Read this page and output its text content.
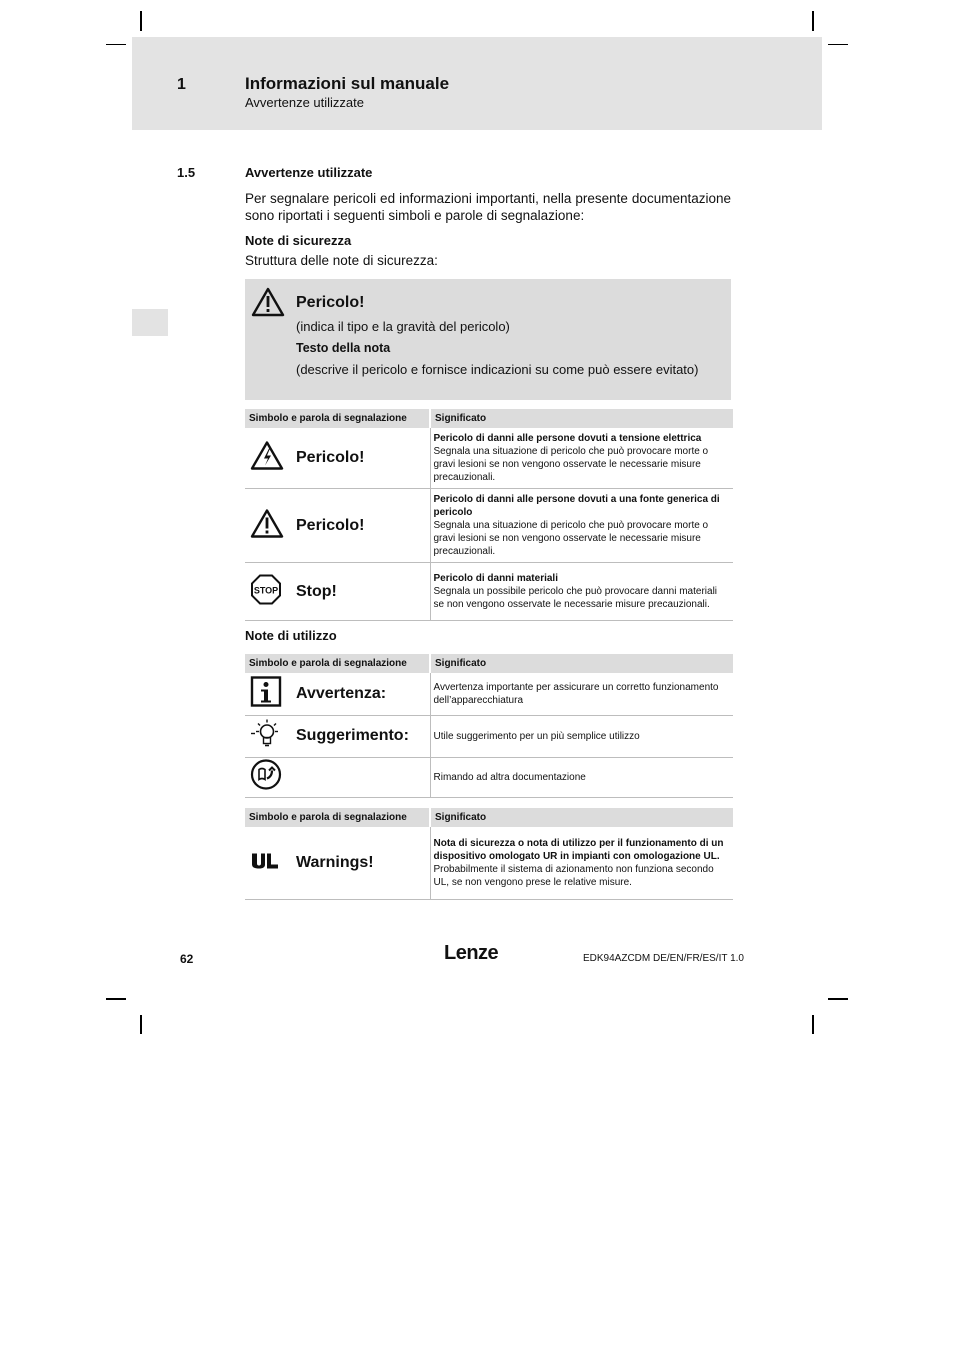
1	Informazioni sul manuale
Avvertenze utilizzate
1.5	Avvertenze utilizzate
Per segnalare pericoli ed informazioni importanti, nella presente documentazione sono riportati i seguenti simboli e parole di segnalazione:
Note di sicurezza
Struttura delle note di sicurezza:
Pericolo!
(indica il tipo e la gravità del pericolo)
Testo della nota
(descrive il pericolo e fornisce indicazioni su come può essere evitato)
Simbolo e parola di segnalazione	Significato

Pericolo!	Pericolo di danni alle persone dovuti a tensione elettrica
Segnala una situazione di pericolo che può provocare morte o gravi lesioni se non vengono osservate le necessarie misure precauzionali.

Pericolo!	Pericolo di danni alle persone dovuti a una fonte generica di pericolo
Segnala una situazione di pericolo che può provocare morte o gravi lesioni se non vengono osservate le necessarie misure precauzionali.

STOP Stop!	Pericolo di danni materiali
Segnala un possibile pericolo che può provocare danni materiali se non vengono osservate le necessarie misure precauzionali.
Note di utilizzo
Simbolo e parola di segnalazione	Significato

Avvertenza:	Avvertenza importante per assicurare un corretto funzionamento dell’apparecchiatura

Suggerimento:	Utile suggerimento per un più semplice utilizzo

	Rimando ad altra documentazione
Simbolo e parola di segnalazione	Significato

Warnings!	Nota di sicurezza o nota di utilizzo per il funzionamento di un dispositivo omologato UR in impianti con omologazione UL.
Probabilmente il sistema di azionamento non funziona secondo UL, se non vengono prese le relative misure.
62	Lenze	EDK94AZCDM DE/EN/FR/ES/IT 1.0
